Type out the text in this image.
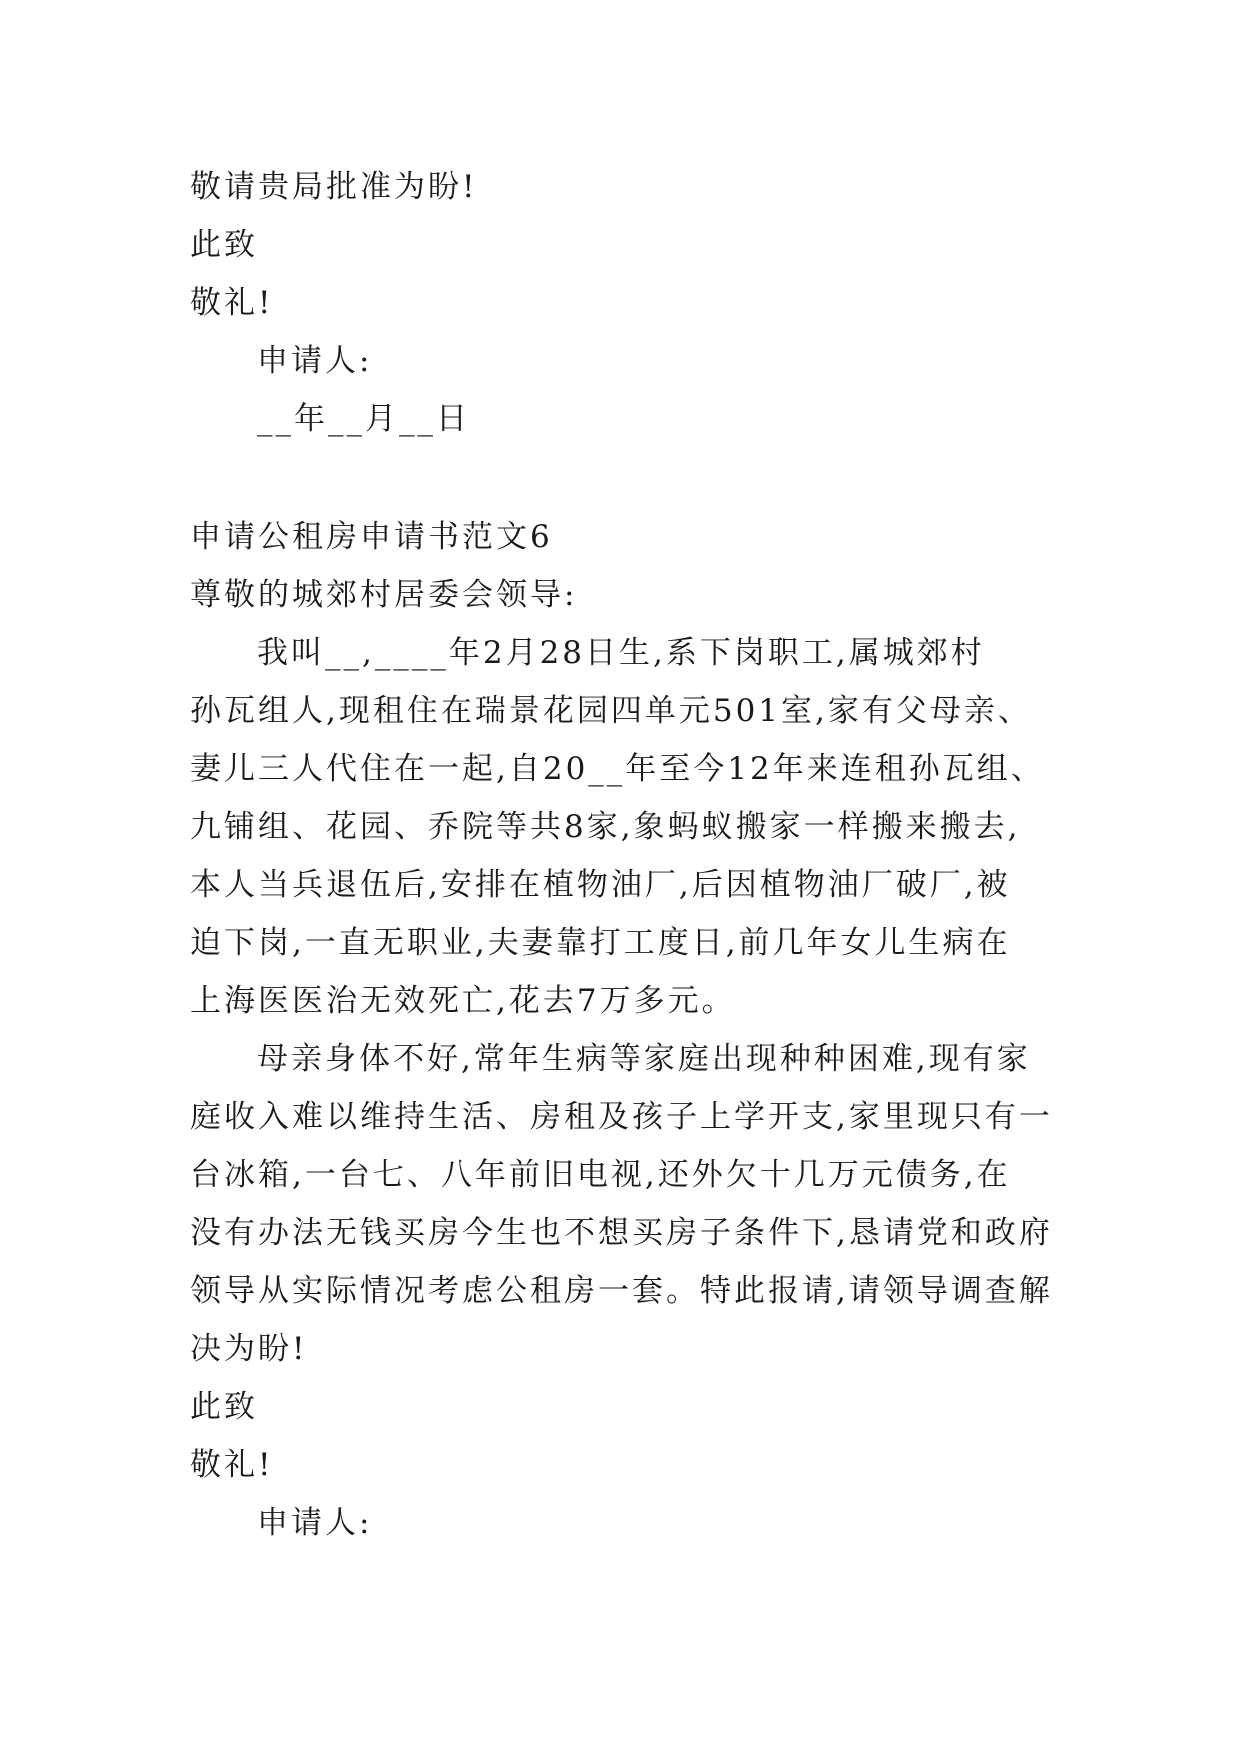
敬请贵局批准为盼!
此致
敬礼!
申请人:
__年__月__日
申请公租房申请书范文6
尊敬的城郊村居委会领导:
我叫__,____年2月28日生,系下岗职工,属城郊村
孙瓦组人,现租住在瑞景花园四单元501室,家有父母亲、
妻儿三人代住在一起,自20__年至今12年来连租孙瓦组、
九铺组、花园、乔院等共8家,象蚂蚁搬家一样搬来搬去,
本人当兵退伍后,安排在植物油厂,后因植物油厂破厂,被
迫下岗,一直无职业,夫妻靠打工度日,前几年女儿生病在
上海医医治无效死亡,花去7万多元。
母亲身体不好,常年生病等家庭出现种种困难,现有家
庭收入难以维持生活、房租及孩子上学开支,家里现只有一
台冰箱,一台七、八年前旧电视,还外欠十几万元债务,在
没有办法无钱买房今生也不想买房子条件下,恳请党和政府
领导从实际情况考虑公租房一套。特此报请,请领导调查解
决为盼!
此致
敬礼!
申请人:
